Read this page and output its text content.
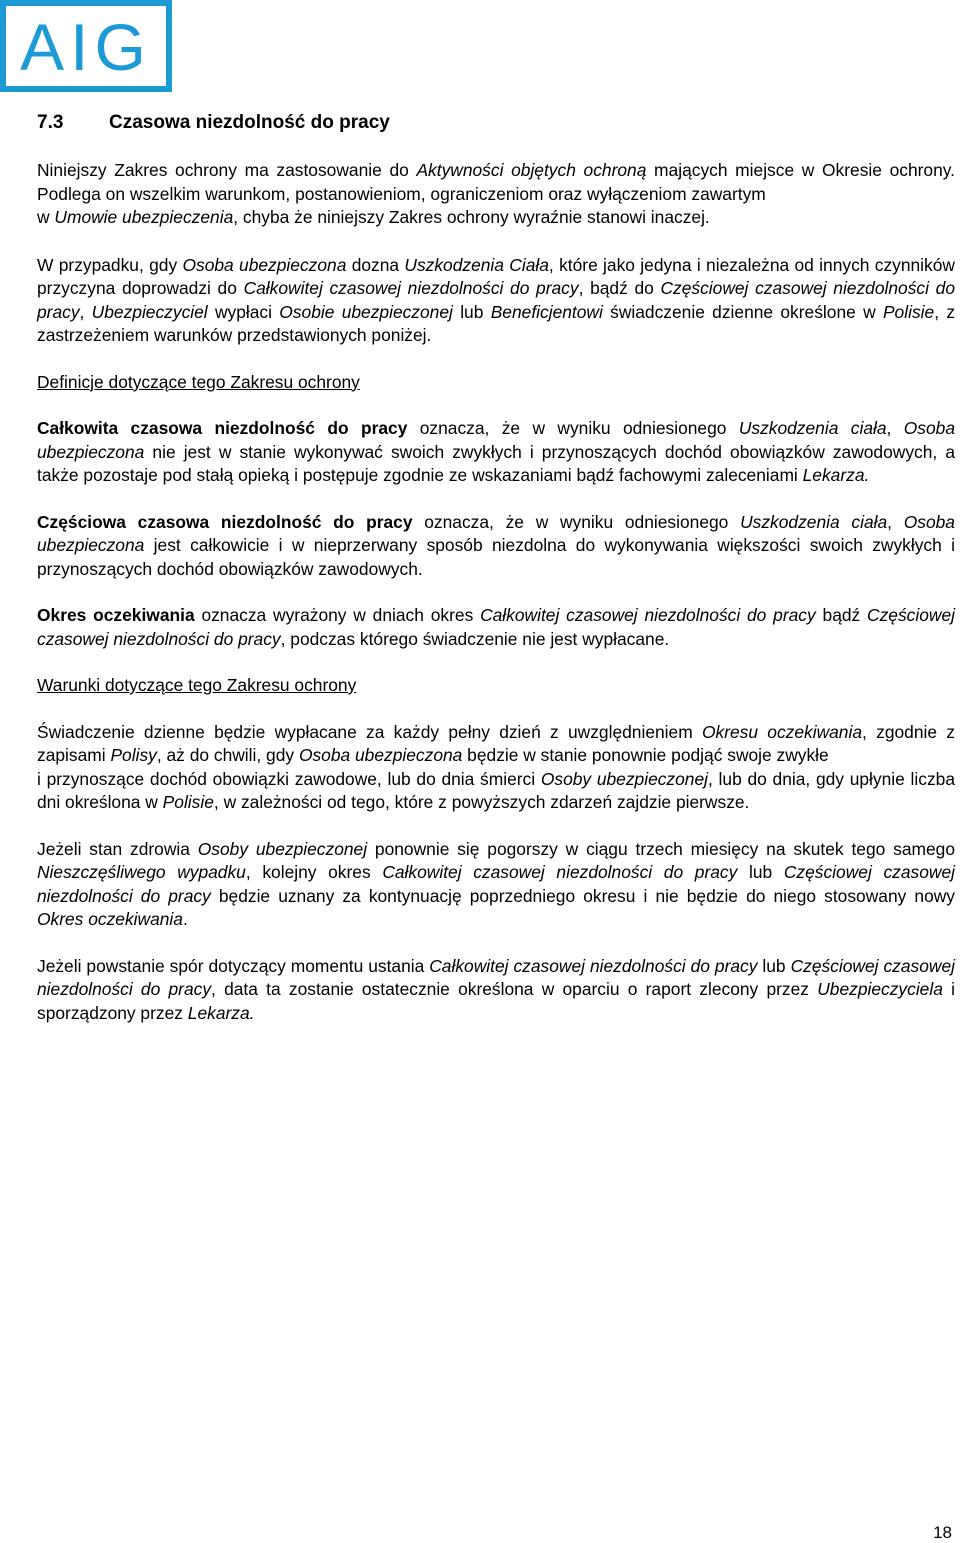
AIG
7.3	Czasowa niezdolność do pracy

Niniejszy Zakres ochrony ma zastosowanie do Aktywności objętych ochroną mających miejsce w Okresie ochrony. Podlega on wszelkim warunkom, postanowieniom, ograniczeniom oraz wyłączeniom zawartym
w Umowie ubezpieczenia, chyba że niniejszy Zakres ochrony wyraźnie stanowi inaczej.

W przypadku, gdy Osoba ubezpieczona dozna Uszkodzenia Ciała, które jako jedyna i niezależna od innych czynników przyczyna doprowadzi do Całkowitej czasowej niezdolności do pracy, bądź do Częściowej czasowej niezdolności do pracy, Ubezpieczyciel wypłaci Osobie ubezpieczonej lub Beneficjentowi świadczenie dzienne określone w Polisie, z zastrzeżeniem warunków przedstawionych poniżej.

Definicje dotyczące tego Zakresu ochrony

Całkowita czasowa niezdolność do pracy oznacza, że w wyniku odniesionego Uszkodzenia ciała, Osoba ubezpieczona nie jest w stanie wykonywać swoich zwykłych i przynoszących dochód obowiązków zawodowych, a także pozostaje pod stałą opieką i postępuje zgodnie ze wskazaniami bądź fachowymi zaleceniami Lekarza.

Częściowa czasowa niezdolność do pracy oznacza, że w wyniku odniesionego Uszkodzenia ciała, Osoba ubezpieczona jest całkowicie i w nieprzerwany sposób niezdolna do wykonywania większości swoich zwykłych i przynoszących dochód obowiązków zawodowych.

Okres oczekiwania oznacza wyrażony w dniach okres Całkowitej czasowej niezdolności do pracy bądź Częściowej czasowej niezdolności do pracy, podczas którego świadczenie nie jest wypłacane.

Warunki dotyczące tego Zakresu ochrony

Świadczenie dzienne będzie wypłacane za każdy pełny dzień z uwzględnieniem Okresu oczekiwania, zgodnie z zapisami Polisy, aż do chwili, gdy Osoba ubezpieczona będzie w stanie ponownie podjąć swoje zwykłe
i przynoszące dochód obowiązki zawodowe, lub do dnia śmierci Osoby ubezpieczonej, lub do dnia, gdy upłynie liczba dni określona w Polisie, w zależności od tego, które z powyższych zdarzeń zajdzie pierwsze.

Jeżeli stan zdrowia Osoby ubezpieczonej ponownie się pogorszy w ciągu trzech miesięcy na skutek tego samego Nieszczęśliwego wypadku, kolejny okres Całkowitej czasowej niezdolności do pracy lub Częściowej czasowej niezdolności do pracy będzie uznany za kontynuację poprzedniego okresu i nie będzie do niego stosowany nowy Okres oczekiwania.

Jeżeli powstanie spór dotyczący momentu ustania Całkowitej czasowej niezdolności do pracy lub Częściowej czasowej niezdolności do pracy, data ta zostanie ostatecznie określona w oparciu o raport zlecony przez Ubezpieczyciela i sporządzony przez Lekarza.

18
